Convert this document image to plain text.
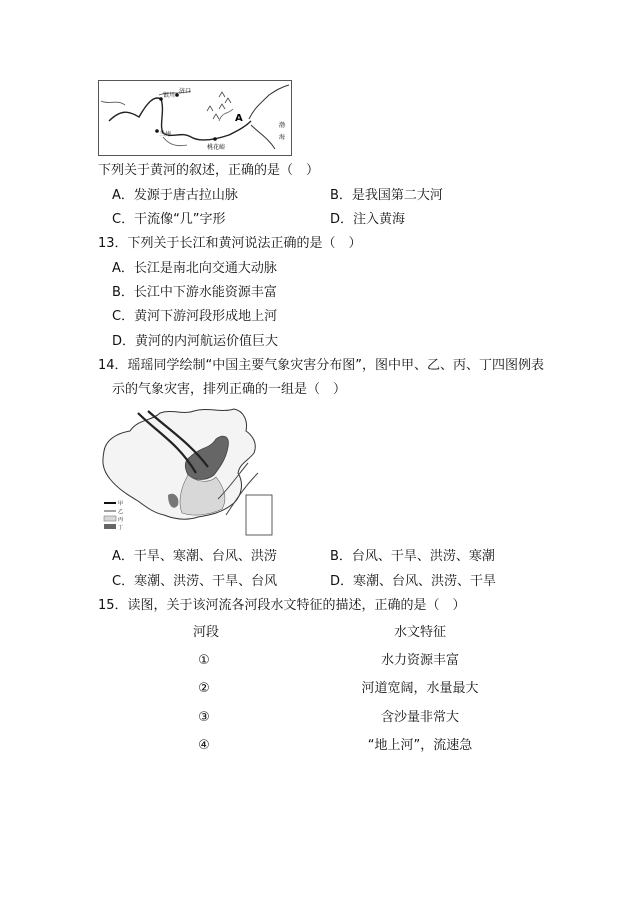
银川
济口
兰州
桃花峪
A
渤
海
下列关于黄河的叙述，正确的是（　）
A．发源于唐古拉山脉	B．是我国第二大河
C．干流像“几”字形	D．注入黄海
13．下列关于长江和黄河说法正确的是（　）
A．长江是南北向交通大动脉
B．长江中下游水能资源丰富
C．黄河下游河段形成地上河
D．黄河的内河航运价值巨大
14．瑶瑶同学绘制“中国主要气象灾害分布图”，图中甲、乙、丙、丁四图例表
示的气象灾害，排列正确的一组是（　）
甲
乙
丙
丁
A．干旱、寒潮、台风、洪涝	B．台风、干旱、洪涝、寒潮
C．寒潮、洪涝、干旱、台风	D．寒潮、台风、洪涝、干旱
15．读图，关于该河流各河段水文特征的描述，正确的是（　）
河段	水文特征
①	水力资源丰富
②	河道宽阔，水量最大
③	含沙量非常大
④	“地上河”，流速急
